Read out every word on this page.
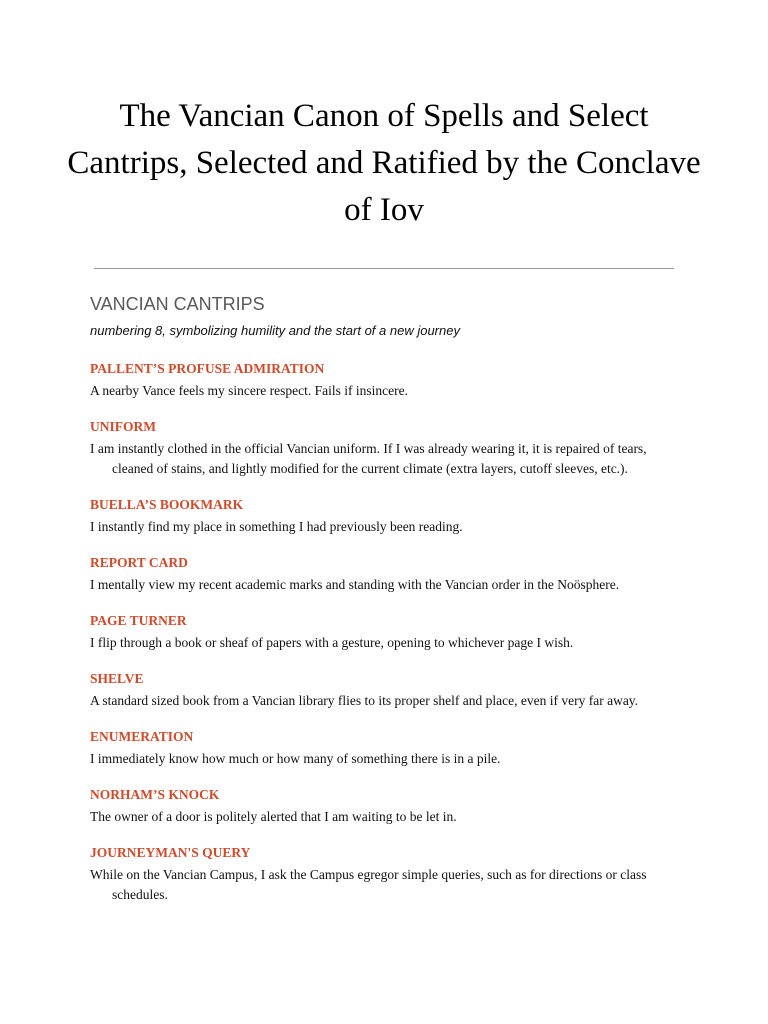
The Vancian Canon of Spells and Select Cantrips, Selected and Ratified by the Conclave of Iov
VANCIAN CANTRIPS

numbering 8, symbolizing humility and the start of a new journey

PALLENT’S PROFUSE ADMIRATION

A nearby Vance feels my sincere respect. Fails if insincere.

UNIFORM

I am instantly clothed in the official Vancian uniform. If I was already wearing it, it is repaired of tears, cleaned of stains, and lightly modified for the current climate (extra layers, cutoff sleeves, etc.).

BUELLA’S BOOKMARK

I instantly find my place in something I had previously been reading.

REPORT CARD

I mentally view my recent academic marks and standing with the Vancian order in the Noösphere.

PAGE TURNER

I flip through a book or sheaf of papers with a gesture, opening to whichever page I wish.

SHELVE

A standard sized book from a Vancian library flies to its proper shelf and place, even if very far away.

ENUMERATION

I immediately know how much or how many of something there is in a pile.

NORHAM’S KNOCK

The owner of a door is politely alerted that I am waiting to be let in.

JOURNEYMAN'S QUERY

While on the Vancian Campus, I ask the Campus egregor simple queries, such as for directions or class schedules.
